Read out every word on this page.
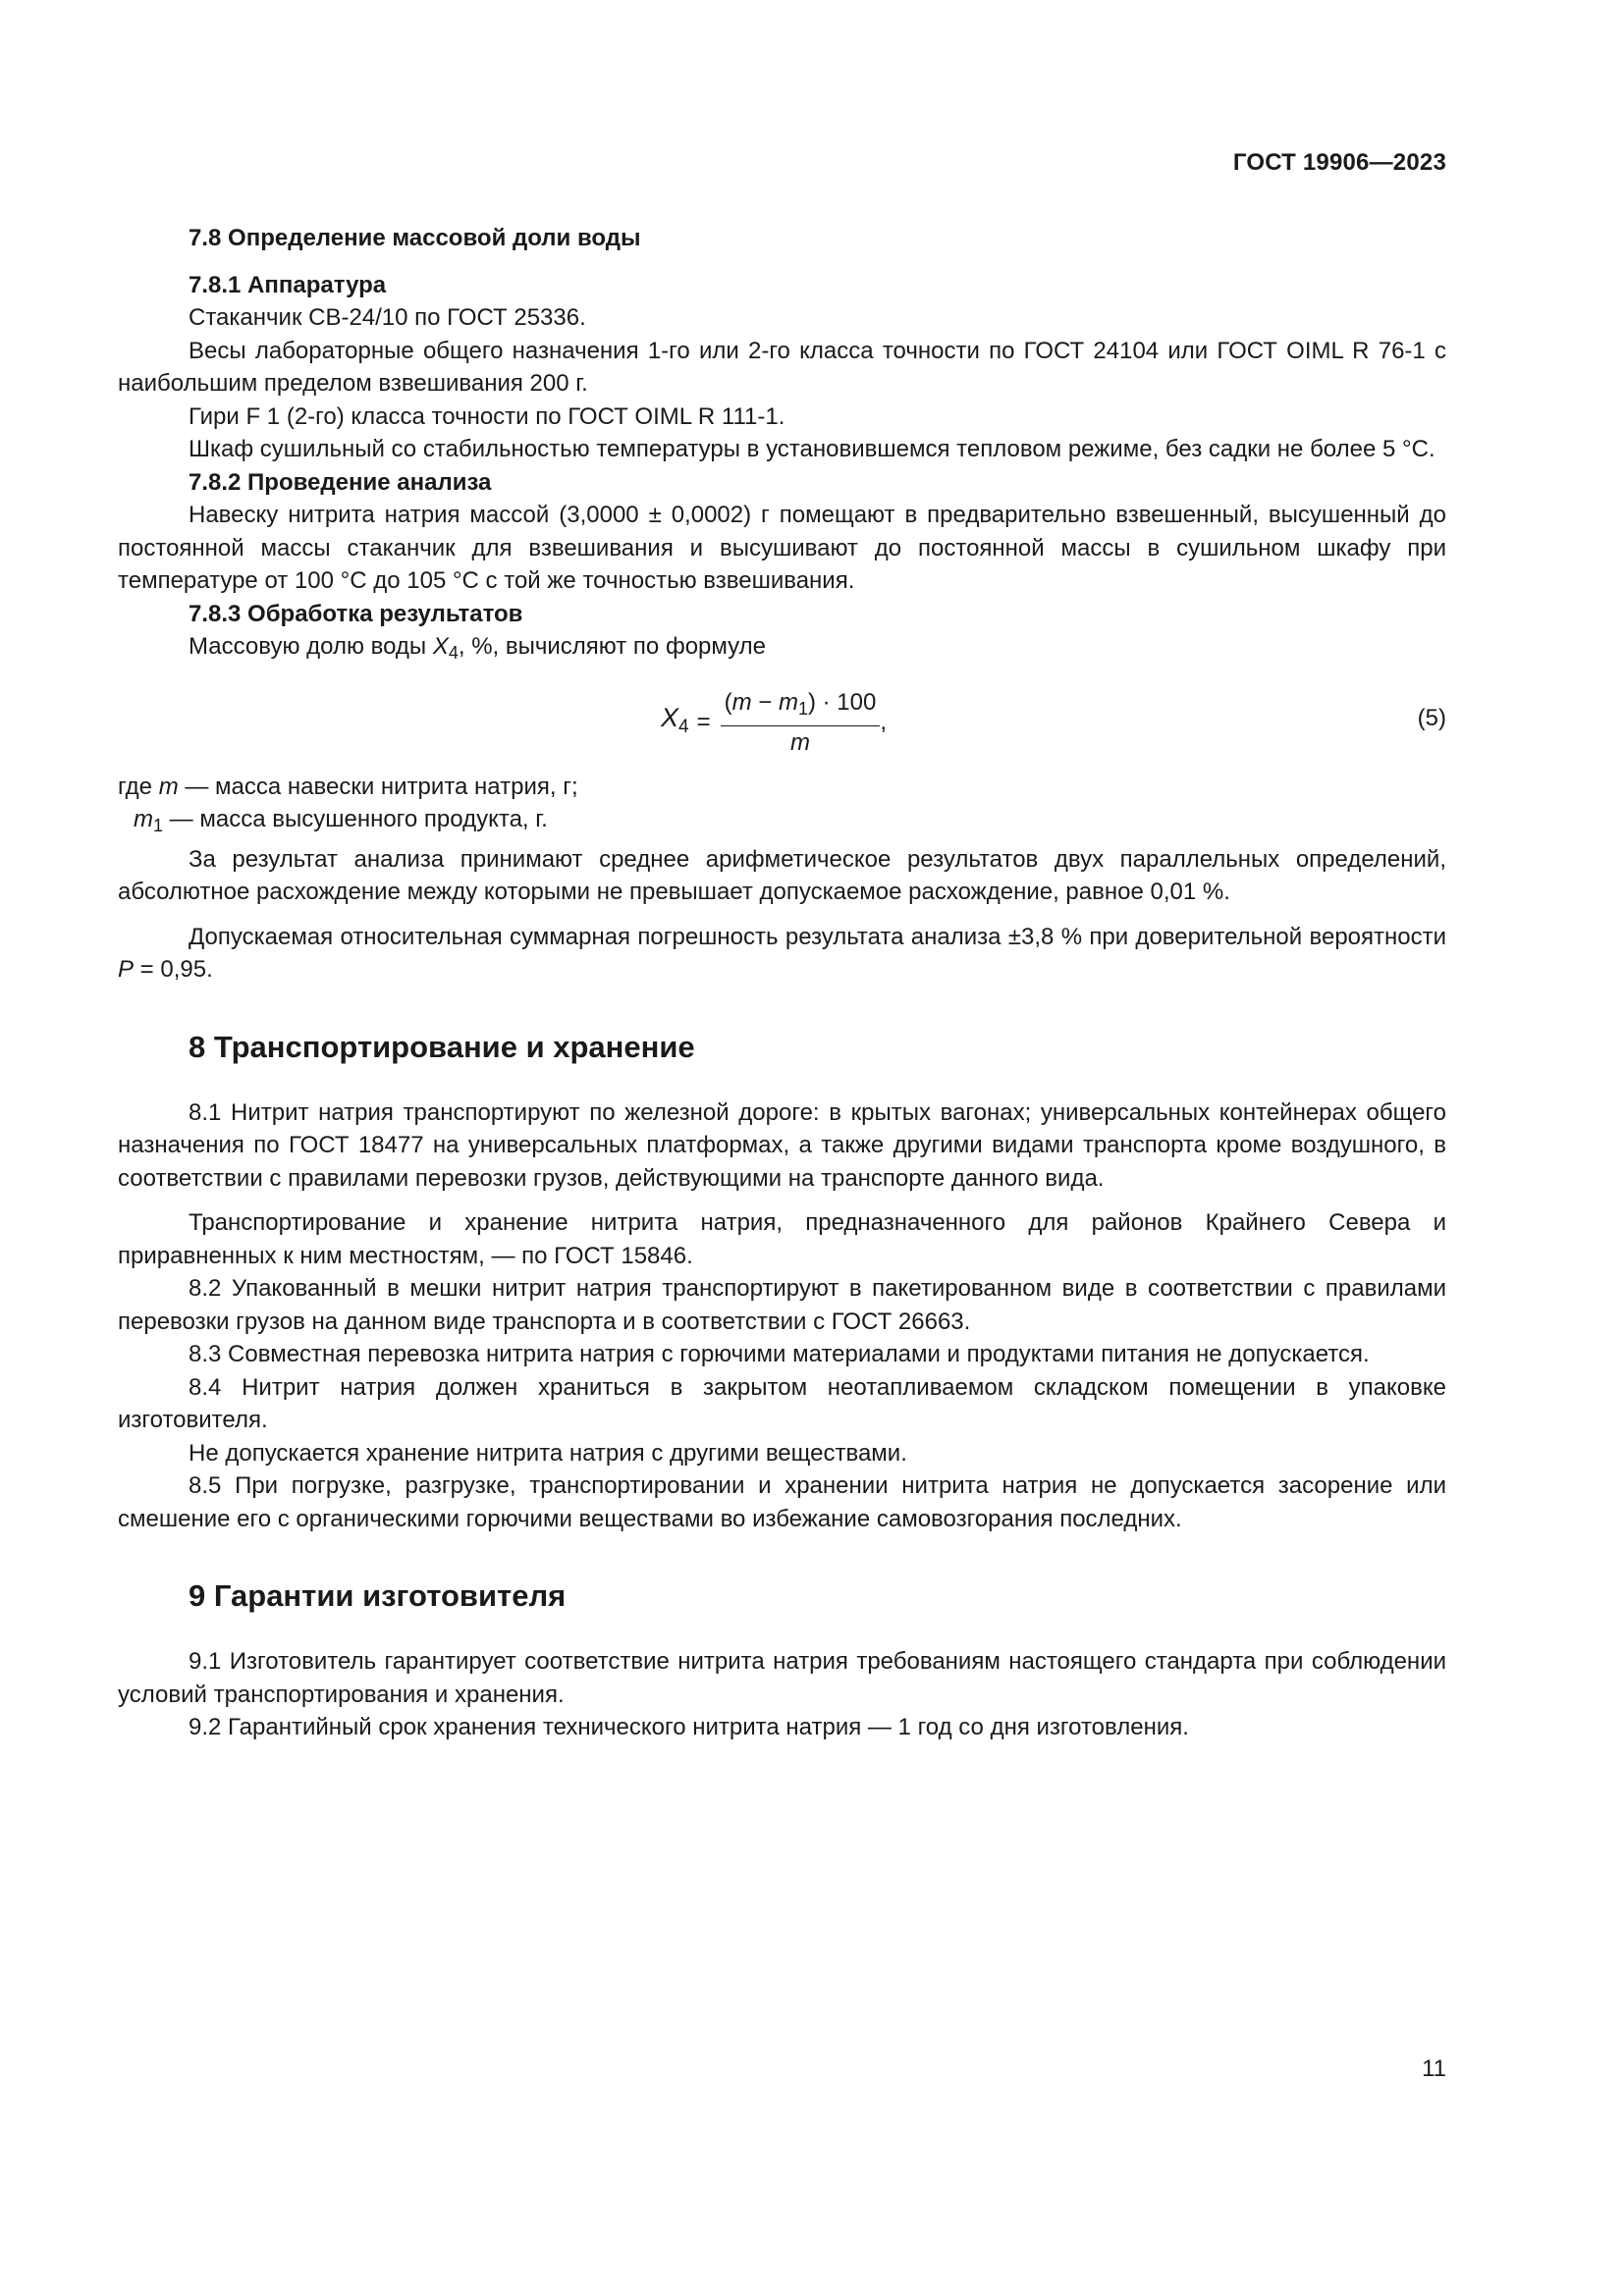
ГОСТ 19906—2023

7.8 Определение массовой доли воды

7.8.1 Аппаратура

Стаканчик СВ-24/10 по ГОСТ 25336.

Весы лабораторные общего назначения 1-го или 2-го класса точности по ГОСТ 24104 или ГОСТ OIML R 76-1 с наибольшим пределом взвешивания 200 г.

Гири F 1 (2-го) класса точности по ГОСТ OIML R 111-1.

Шкаф сушильный со стабильностью температуры в установившемся тепловом режиме, без садки не более 5 °С.

7.8.2 Проведение анализа

Навеску нитрита натрия массой (3,0000 ± 0,0002) г помещают в предварительно взвешенный, высушенный до постоянной массы стаканчик для взвешивания и высушивают до постоянной массы в сушильном шкафу при температуре от 100 °С до 105 °С с той же точностью взвешивания.

7.8.3 Обработка результатов

Массовую долю воды $X_4$, %, вычисляют по формуле

$X_4 = \frac{(m - m_1) \cdot 100}{m}$ ,	(5)

где m — масса навески нитрита натрия, г;

$m_1$ — масса высушенного продукта, г.

За результат анализа принимают среднее арифметическое результатов двух параллельных определений, абсолютное расхождение между которыми не превышает допускаемое расхождение, равное 0,01 %.

Допускаемая относительная суммарная погрешность результата анализа ±3,8 % при доверительной вероятности Р = 0,95.

8 Транспортирование и хранение

8.1 Нитрит натрия транспортируют по железной дороге: в крытых вагонах; универсальных контейнерах общего назначения по ГОСТ 18477 на универсальных платформах, а также другими видами транспорта кроме воздушного, в соответствии с правилами перевозки грузов, действующими на транспорте данного вида.

Транспортирование и хранение нитрита натрия, предназначенного для районов Крайнего Севера и приравненных к ним местностям, — по ГОСТ 15846.

8.2 Упакованный в мешки нитрит натрия транспортируют в пакетированном виде в соответствии с правилами перевозки грузов на данном виде транспорта и в соответствии с ГОСТ 26663.

8.3 Совместная перевозка нитрита натрия с горючими материалами и продуктами питания не допускается.

8.4 Нитрит натрия должен храниться в закрытом неотапливаемом складском помещении в упаковке изготовителя.

Не допускается хранение нитрита натрия с другими веществами.

8.5 При погрузке, разгрузке, транспортировании и хранении нитрита натрия не допускается засорение или смешение его с органическими горючими веществами во избежание самовозгорания последних.

9 Гарантии изготовителя

9.1 Изготовитель гарантирует соответствие нитрита натрия требованиям настоящего стандарта при соблюдении условий транспортирования и хранения.

9.2 Гарантийный срок хранения технического нитрита натрия — 1 год со дня изготовления.

11
